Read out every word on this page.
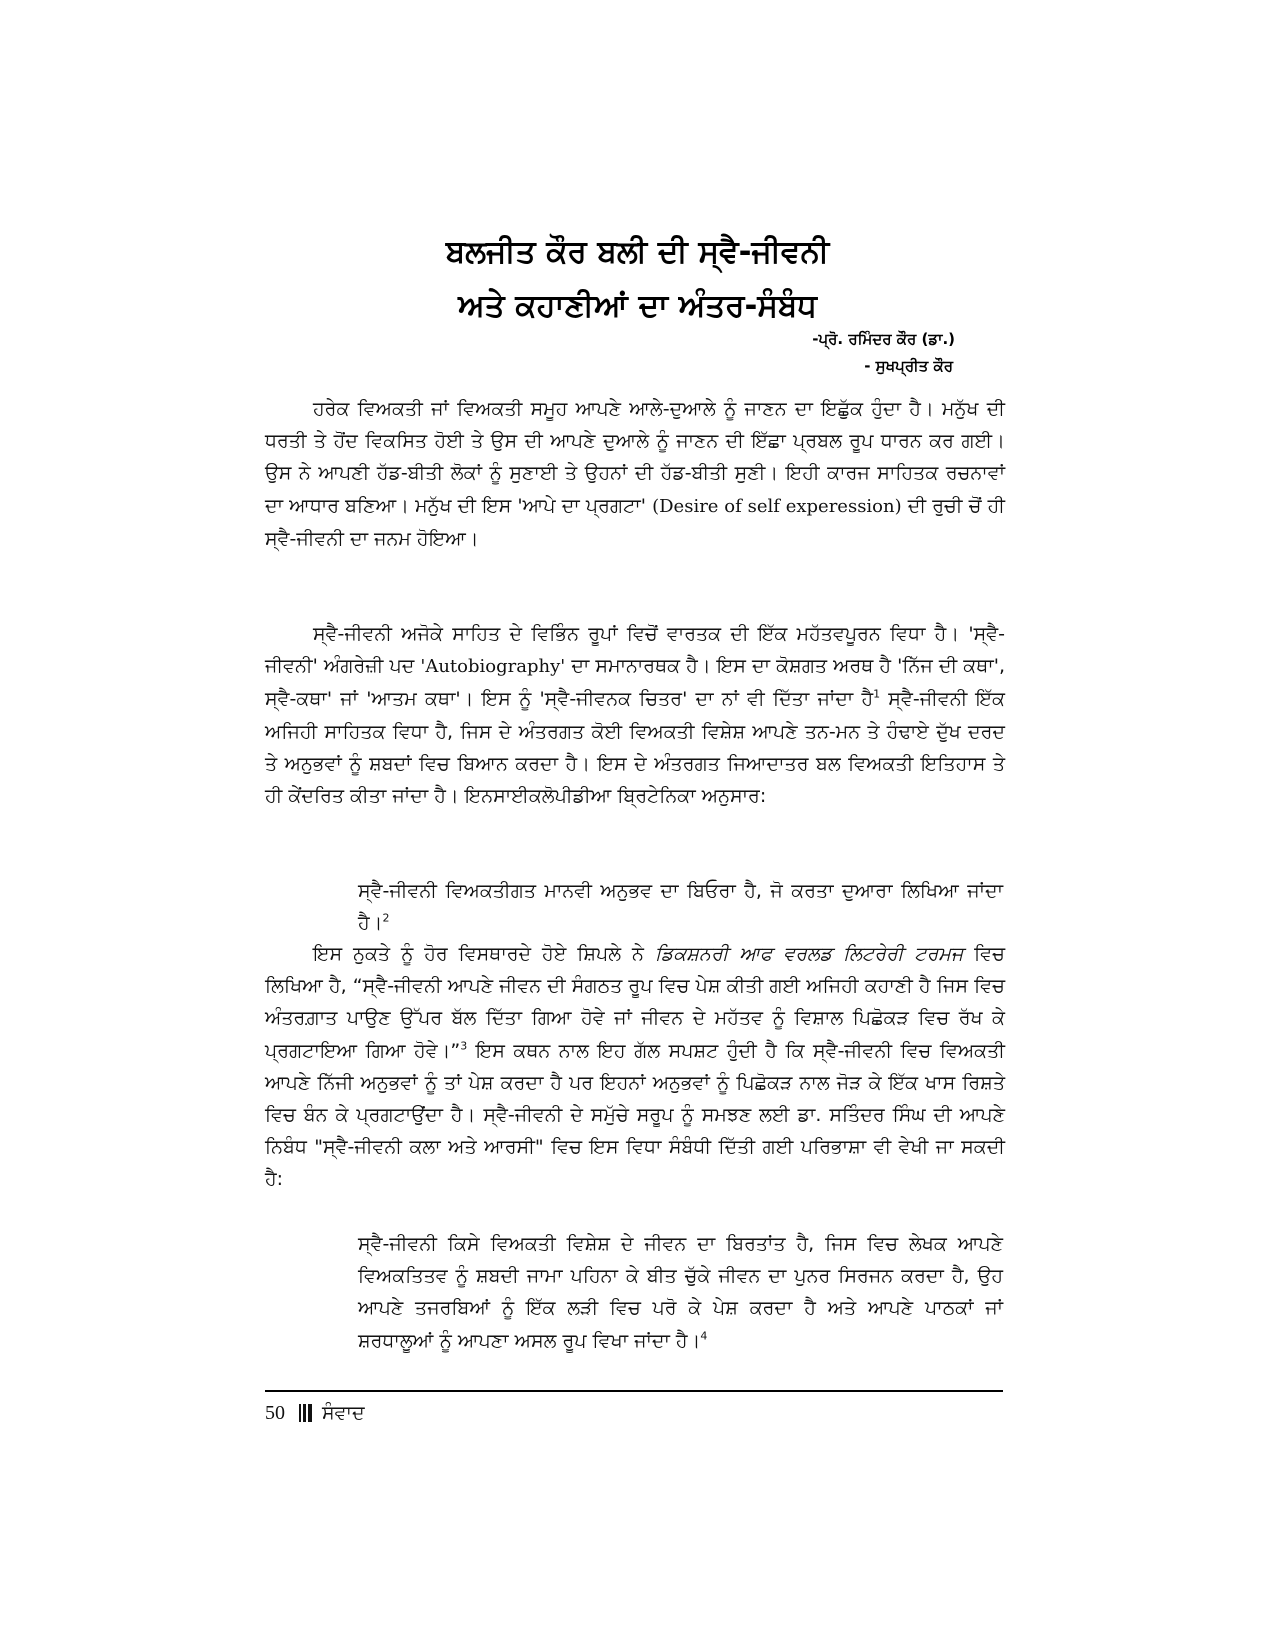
ਬਲਜੀਤ ਕੌਰ ਬਲੀ ਦੀ ਸ੍ਵੈ-ਜੀਵਨੀ
ਅਤੇ ਕਹਾਣੀਆਂ ਦਾ ਅੰਤਰ-ਸੰਬੰਧ
-ਪ੍ਰੋ. ਰਮਿੰਦਰ ਕੌਰ (ਡਾ.)
- ਸੁਖਪ੍ਰੀਤ ਕੌਰ

ਹਰੇਕ ਵਿਅਕਤੀ ਜਾਂ ਵਿਅਕਤੀ ਸਮੂਹ ਆਪਣੇ ਆਲੇ-ਦੁਆਲੇ ਨੂੰ ਜਾਣਨ ਦਾ ਇਛੁੱਕ ਹੁੰਦਾ ਹੈ। ਮਨੁੱਖ ਦੀ ਧਰਤੀ ਤੇ ਹੋਂਦ ਵਿਕਸਿਤ ਹੋਈ ਤੇ ਉਸ ਦੀ ਆਪਣੇ ਦੁਆਲੇ ਨੂੰ ਜਾਣਨ ਦੀ ਇੱਛਾ ਪ੍ਰਬਲ ਰੂਪ ਧਾਰਨ ਕਰ ਗਈ। ਉਸ ਨੇ ਆਪਣੀ ਹੱਡ-ਬੀਤੀ ਲੋਕਾਂ ਨੂੰ ਸੁਣਾਈ ਤੇ ਉਹਨਾਂ ਦੀ ਹੱਡ-ਬੀਤੀ ਸੁਣੀ। ਇਹੀ ਕਾਰਜ ਸਾਹਿਤਕ ਰਚਨਾਵਾਂ ਦਾ ਆਧਾਰ ਬਣਿਆ। ਮਨੁੱਖ ਦੀ ਇਸ 'ਆਪੇ ਦਾ ਪ੍ਰਗਟਾ' (Desire of self experession) ਦੀ ਰੁਚੀ ਚੋਂ ਹੀ ਸ੍ਵੈ-ਜੀਵਨੀ ਦਾ ਜਨਮ ਹੋਇਆ।

ਸ੍ਵੈ-ਜੀਵਨੀ ਅਜੋਕੇ ਸਾਹਿਤ ਦੇ ਵਿਭਿੰਨ ਰੂਪਾਂ ਵਿਚੋਂ ਵਾਰਤਕ ਦੀ ਇੱਕ ਮਹੱਤਵਪੂਰਨ ਵਿਧਾ ਹੈ। 'ਸ੍ਵੈ-ਜੀਵਨੀ' ਅੰਗਰੇਜ਼ੀ ਪਦ 'Autobiography' ਦਾ ਸਮਾਨਾਰਥਕ ਹੈ। ਇਸ ਦਾ ਕੋਸ਼ਗਤ ਅਰਥ ਹੈ 'ਨਿੱਜ ਦੀ ਕਥਾ', ਸ੍ਵੈ-ਕਥਾ' ਜਾਂ 'ਆਤਮ ਕਥਾ'। ਇਸ ਨੂੰ 'ਸ੍ਵੈ-ਜੀਵਨਕ ਚਿਤਰ' ਦਾ ਨਾਂ ਵੀ ਦਿੱਤਾ ਜਾਂਦਾ ਹੈ$^1$ ਸ੍ਵੈ-ਜੀਵਨੀ ਇੱਕ ਅਜਿਹੀ ਸਾਹਿਤਕ ਵਿਧਾ ਹੈ, ਜਿਸ ਦੇ ਅੰਤਰਗਤ ਕੋਈ ਵਿਅਕਤੀ ਵਿਸ਼ੇਸ਼ ਆਪਣੇ ਤਨ-ਮਨ ਤੇ ਹੰਢਾਏ ਦੁੱਖ ਦਰਦ ਤੇ ਅਨੁਭਵਾਂ ਨੂੰ ਸ਼ਬਦਾਂ ਵਿਚ ਬਿਆਨ ਕਰਦਾ ਹੈ। ਇਸ ਦੇ ਅੰਤਰਗਤ ਜਿਆਦਾਤਰ ਬਲ ਵਿਅਕਤੀ ਇਤਿਹਾਸ ਤੇ ਹੀ ਕੇਂਦਰਿਤ ਕੀਤਾ ਜਾਂਦਾ ਹੈ। ਇਨਸਾਈਕਲੋਪੀਡੀਆ ਬ੍ਰਿਟੇਨਿਕਾ ਅਨੁਸਾਰ:

ਸ੍ਵੈ-ਜੀਵਨੀ ਵਿਅਕਤੀਗਤ ਮਾਨਵੀ ਅਨੁਭਵ ਦਾ ਬਿਓਰਾ ਹੈ, ਜੋ ਕਰਤਾ ਦੁਆਰਾ ਲਿਖਿਆ ਜਾਂਦਾ ਹੈ।$^2$

ਇਸ ਨੁਕਤੇ ਨੂੰ ਹੋਰ ਵਿਸਥਾਰਦੇ ਹੋਏ ਸ਼ਿਪਲੇ ਨੇ ਡਿਕਸ਼ਨਰੀ ਆਫ ਵਰਲਡ ਲਿਟਰੇਰੀ ਟਰਮਜ ਵਿਚ ਲਿਖਿਆ ਹੈ, “ਸ੍ਵੈ-ਜੀਵਨੀ ਆਪਣੇ ਜੀਵਨ ਦੀ ਸੰਗਠਤ ਰੂਪ ਵਿਚ ਪੇਸ਼ ਕੀਤੀ ਗਈ ਅਜਿਹੀ ਕਹਾਣੀ ਹੈ ਜਿਸ ਵਿਚ ਅੰਤਰਗ਼ਾਤ ਪਾਉਣ ਉੱਪਰ ਬੱਲ ਦਿੱਤਾ ਗਿਆ ਹੋਵੇ ਜਾਂ ਜੀਵਨ ਦੇ ਮਹੱਤਵ ਨੂੰ ਵਿਸ਼ਾਲ ਪਿਛੋਕੜ ਵਿਚ ਰੱਖ ਕੇ ਪ੍ਰਗਟਾਇਆ ਗਿਆ ਹੋਵੇ।”$^3$ ਇਸ ਕਥਨ ਨਾਲ ਇਹ ਗੱਲ ਸਪਸ਼ਟ ਹੁੰਦੀ ਹੈ ਕਿ ਸ੍ਵੈ-ਜੀਵਨੀ ਵਿਚ ਵਿਅਕਤੀ ਆਪਣੇ ਨਿੱਜੀ ਅਨੁਭਵਾਂ ਨੂੰ ਤਾਂ ਪੇਸ਼ ਕਰਦਾ ਹੈ ਪਰ ਇਹਨਾਂ ਅਨੁਭਵਾਂ ਨੂੰ ਪਿਛੋਕੜ ਨਾਲ ਜੋੜ ਕੇ ਇੱਕ ਖਾਸ ਰਿਸ਼ਤੇ ਵਿਚ ਬੰਨ ਕੇ ਪ੍ਰਗਟਾਉਂਦਾ ਹੈ। ਸ੍ਵੈ-ਜੀਵਨੀ ਦੇ ਸਮੁੱਚੇ ਸਰੂਪ ਨੂੰ ਸਮਝਣ ਲਈ ਡਾ. ਸਤਿੰਦਰ ਸਿੰਘ ਦੀ ਆਪਣੇ ਨਿਬੰਧ "ਸ੍ਵੈ-ਜੀਵਨੀ ਕਲਾ ਅਤੇ ਆਰਸੀ" ਵਿਚ ਇਸ ਵਿਧਾ ਸੰਬੰਧੀ ਦਿੱਤੀ ਗਈ ਪਰਿਭਾਸ਼ਾ ਵੀ ਵੇਖੀ ਜਾ ਸਕਦੀ ਹੈ:

ਸ੍ਵੈ-ਜੀਵਨੀ ਕਿਸੇ ਵਿਅਕਤੀ ਵਿਸ਼ੇਸ਼ ਦੇ ਜੀਵਨ ਦਾ ਬਿਰਤਾਂਤ ਹੈ, ਜਿਸ ਵਿਚ ਲੇਖਕ ਆਪਣੇ ਵਿਅਕਤਿਤਵ ਨੂੰ ਸ਼ਬਦੀ ਜਾਮਾ ਪਹਿਨਾ ਕੇ ਬੀਤ ਚੁੱਕੇ ਜੀਵਨ ਦਾ ਪੁਨਰ ਸਿਰਜਨ ਕਰਦਾ ਹੈ, ਉਹ ਆਪਣੇ ਤਜਰਬਿਆਂ ਨੂੰ ਇੱਕ ਲੜੀ ਵਿਚ ਪਰੋ ਕੇ ਪੇਸ਼ ਕਰਦਾ ਹੈ ਅਤੇ ਆਪਣੇ ਪਾਠਕਾਂ ਜਾਂ ਸ਼ਰਧਾਲੂਆਂ ਨੂੰ ਆਪਣਾ ਅਸਲ ਰੂਪ ਵਿਖਾ ਜਾਂਦਾ ਹੈ।$^4$

50 ਸੰਵਾਦ
